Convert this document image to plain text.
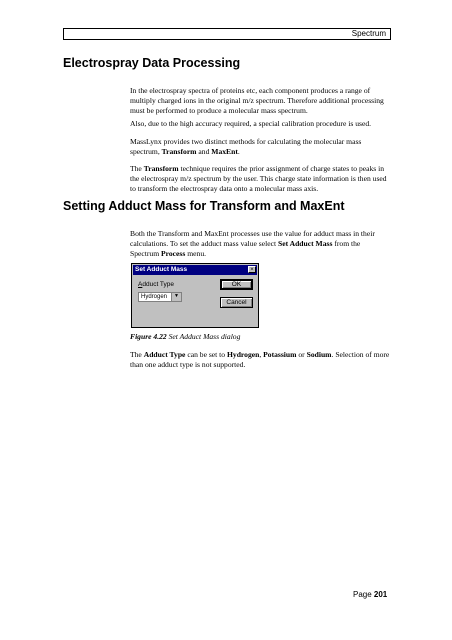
Spectrum
Electrospray Data Processing
In the electrospray spectra of proteins etc, each component produces a range of multiply charged ions in the original m/z spectrum. Therefore additional processing must be performed to produce a molecular mass spectrum.
Also, due to the high accuracy required, a special calibration procedure is used.
MassLynx provides two distinct methods for calculating the molecular mass spectrum, Transform and MaxEnt.
The Transform technique requires the prior assignment of charge states to peaks in the electrospray m/z spectrum by the user. This charge state information is then used to transform the electrospray data onto a molecular mass axis.
Setting Adduct Mass for Transform and MaxEnt
Both the Transform and MaxEnt processes use the value for adduct mass in their calculations. To set the adduct mass value select Set Adduct Mass from the Spectrum Process menu.
Set Adduct Mass	×
Adduct Type
Hydrogen	▼
OK
Cancel
Figure 4.22 Set Adduct Mass dialog
The Adduct Type can be set to Hydrogen, Potassium or Sodium. Selection of more than one adduct type is not supported.
Page 201
